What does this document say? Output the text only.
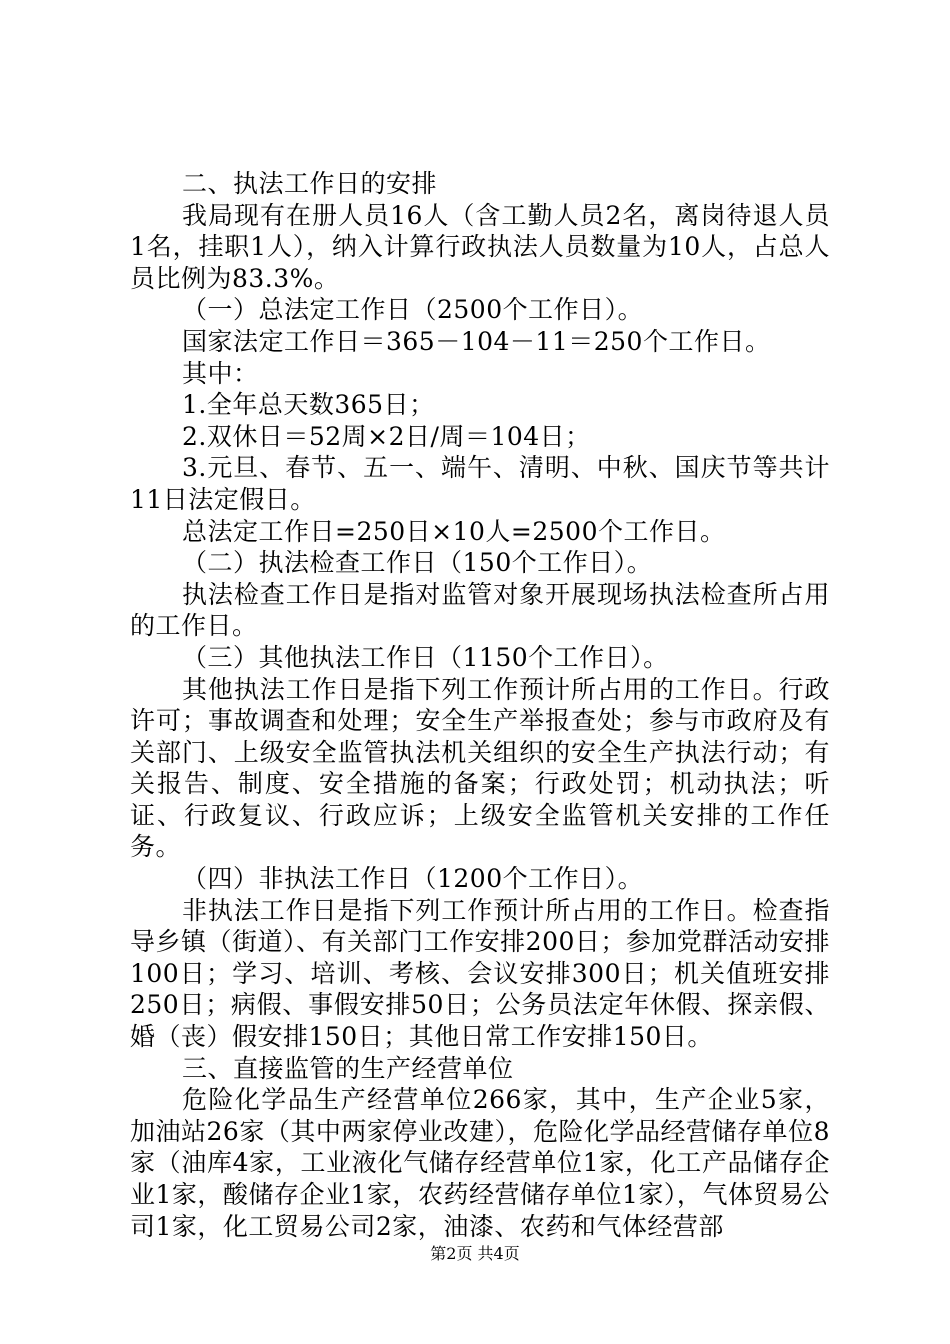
二、执法工作日的安排

我局现有在册人员16人（含工勤人员2名，离岗待退人员1名，挂职1人），纳入计算行政执法人员数量为10人，占总人员比例为83.3%。

（一）总法定工作日（2500个工作日）。

国家法定工作日＝365－104－11＝250个工作日。

其中：

1.全年总天数365日；

2.双休日＝52周×2日/周＝104日；

3.元旦、春节、五一、端午、清明、中秋、国庆节等共计11日法定假日。

总法定工作日=250日×10人=2500个工作日。

（二）执法检查工作日（150个工作日）。

执法检查工作日是指对监管对象开展现场执法检查所占用的工作日。

（三）其他执法工作日（1150个工作日）。

其他执法工作日是指下列工作预计所占用的工作日。行政许可；事故调查和处理；安全生产举报查处；参与市政府及有关部门、上级安全监管执法机关组织的安全生产执法行动；有关报告、制度、安全措施的备案；行政处罚；机动执法；听证、行政复议、行政应诉；上级安全监管机关安排的工作任务。

（四）非执法工作日（1200个工作日）。

非执法工作日是指下列工作预计所占用的工作日。检查指导乡镇（街道）、有关部门工作安排200日；参加党群活动安排100日；学习、培训、考核、会议安排300日；机关值班安排250日；病假、事假安排50日；公务员法定年休假、探亲假、婚（丧）假安排150日；其他日常工作安排150日。

三、直接监管的生产经营单位

危险化学品生产经营单位266家，其中，生产企业5家，加油站26家（其中两家停业改建），危险化学品经营储存单位8家（油库4家，工业液化气储存经营单位1家，化工产品储存企业1家，酸储存企业1家，农药经营储存单位1家），气体贸易公司1家，化工贸易公司2家，油漆、农药和气体经营部

第2页 共4页
